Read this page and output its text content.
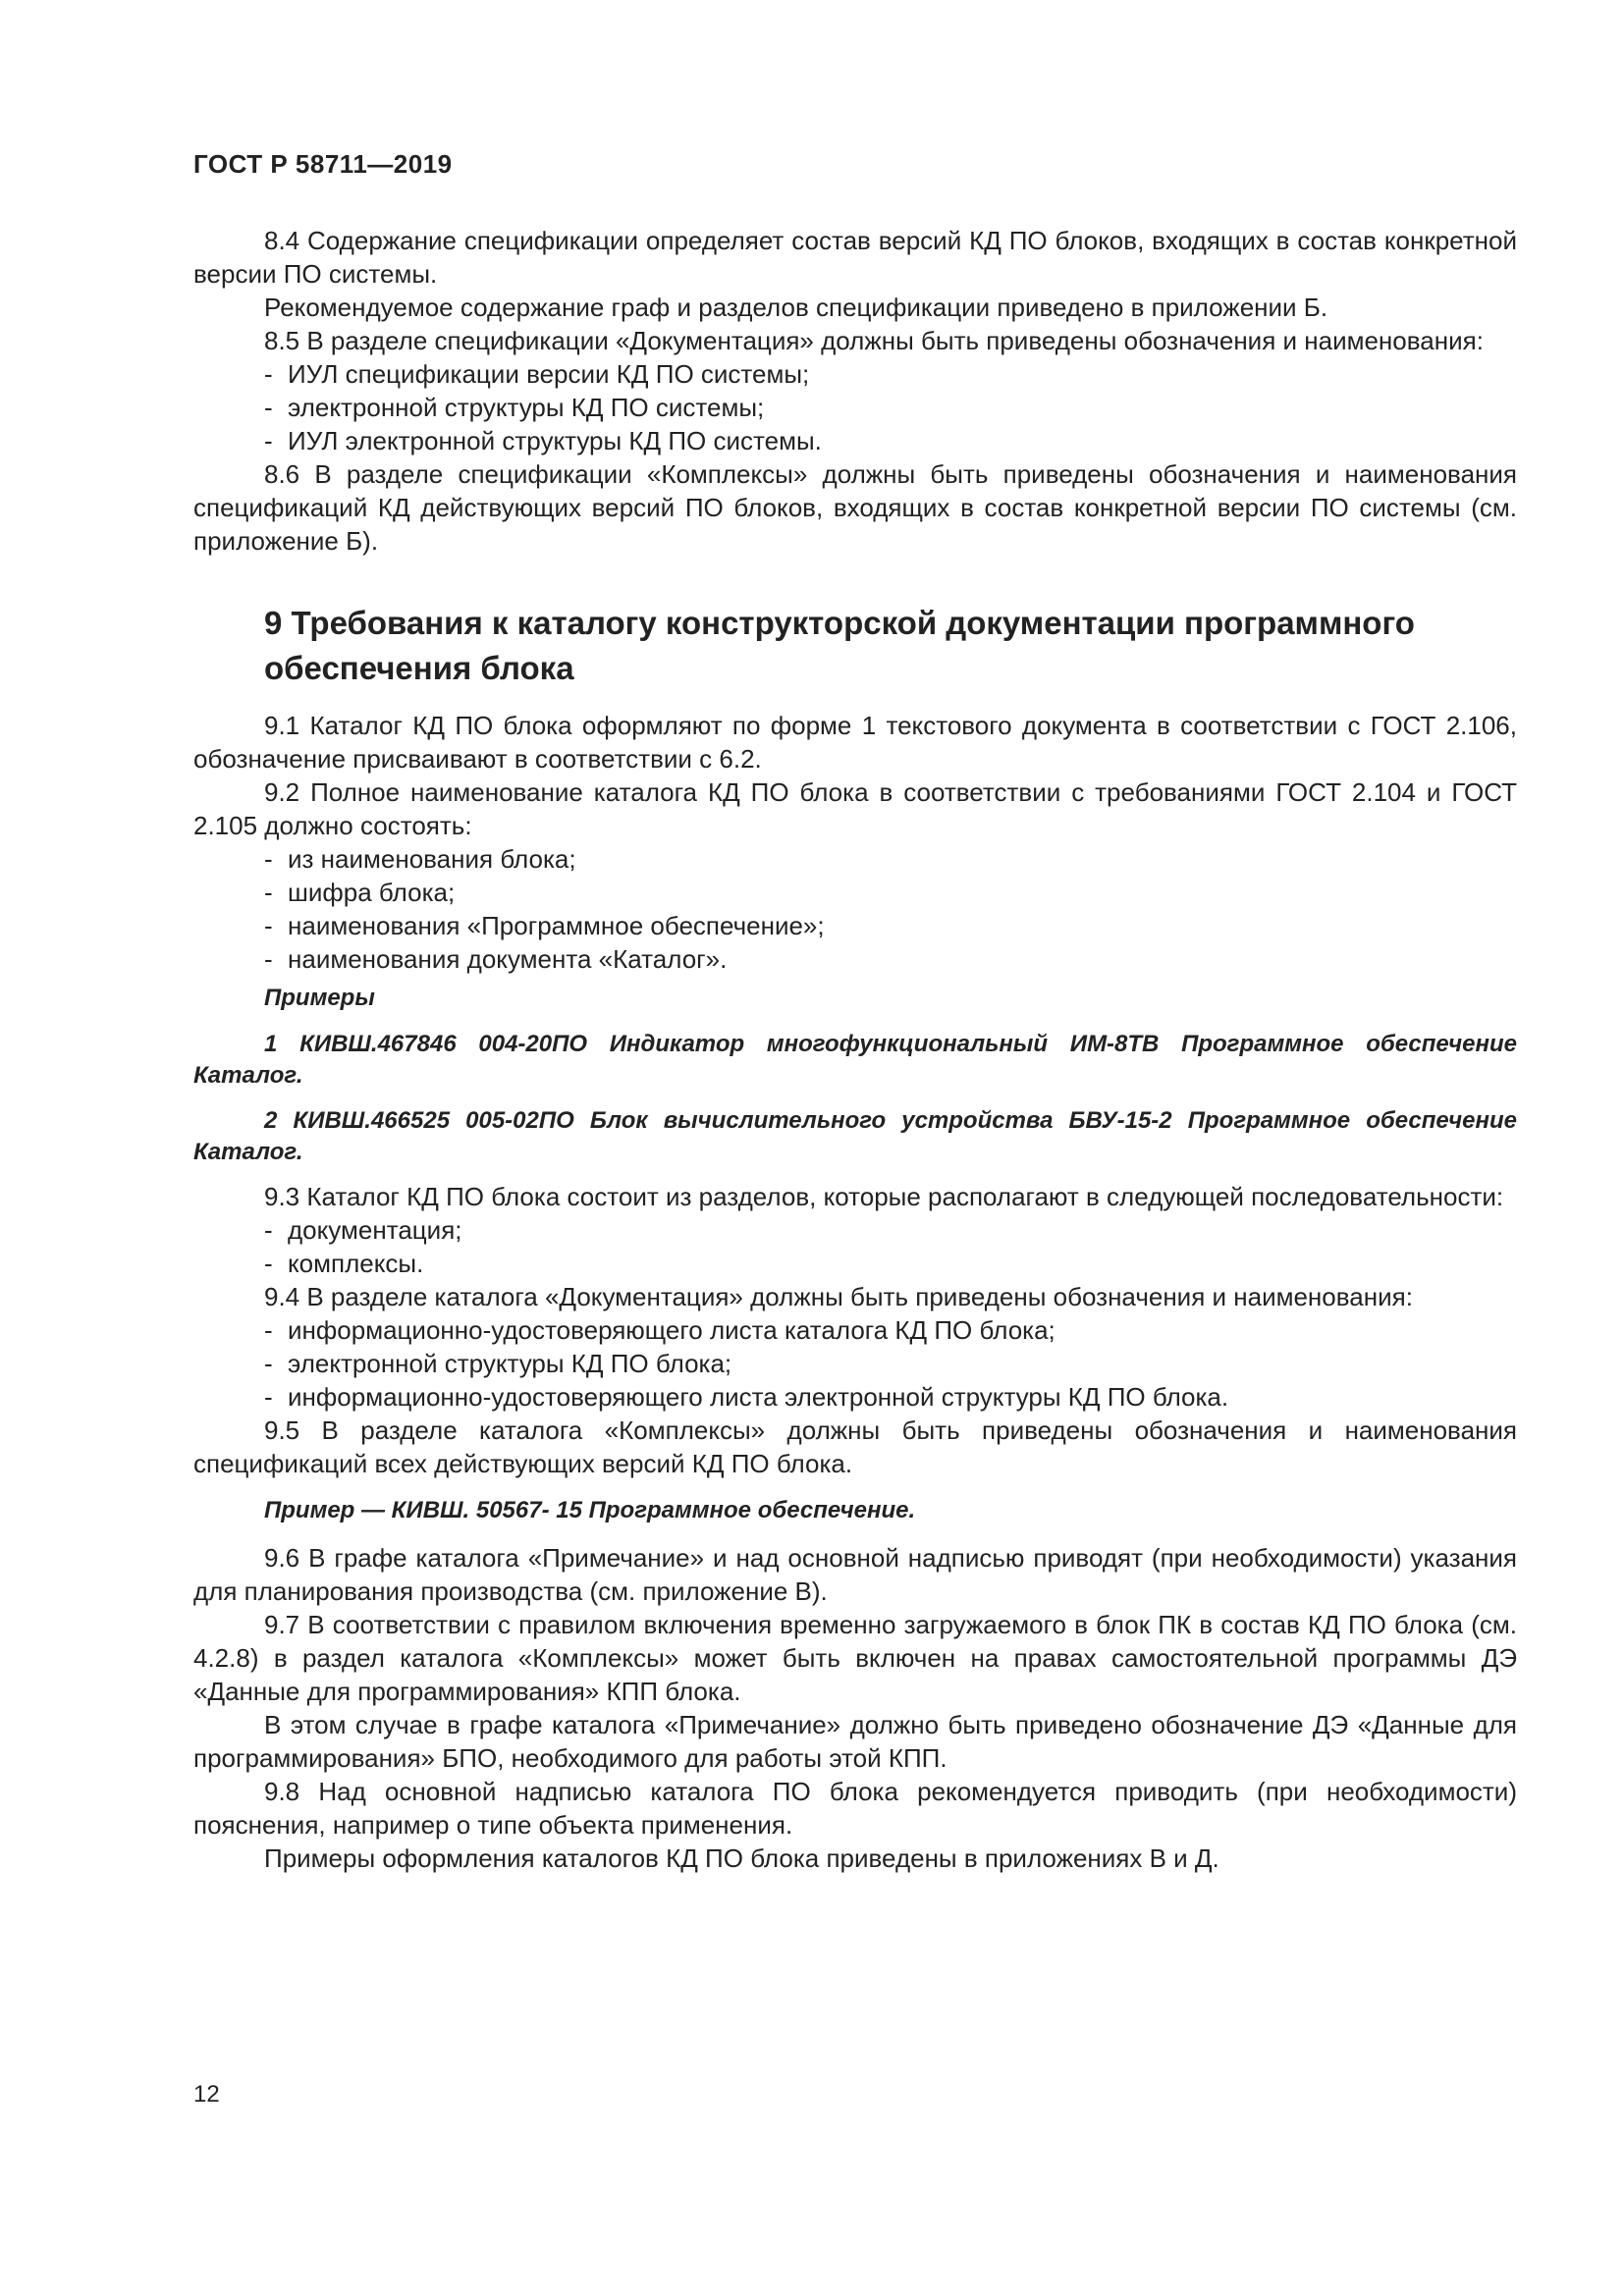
ГОСТ Р 58711—2019

8.4 Содержание спецификации определяет состав версий КД ПО блоков, входящих в состав конкретной версии ПО системы.

Рекомендуемое содержание граф и разделов спецификации приведено в приложении Б.

8.5 В разделе спецификации «Документация» должны быть приведены обозначения и наименования:

- ИУЛ спецификации версии КД ПО системы;

- электронной структуры КД ПО системы;

- ИУЛ электронной структуры КД ПО системы.

8.6 В разделе спецификации «Комплексы» должны быть приведены обозначения и наименования спецификаций КД действующих версий ПО блоков, входящих в состав конкретной версии ПО системы (см. приложение Б).

9 Требования к каталогу конструкторской документации программного обеспечения блока

9.1 Каталог КД ПО блока оформляют по форме 1 текстового документа в соответствии с ГОСТ 2.106, обозначение присваивают в соответствии с 6.2.

9.2 Полное наименование каталога КД ПО блока в соответствии с требованиями ГОСТ 2.104 и ГОСТ 2.105 должно состоять:

- из наименования блока;

- шифра блока;

- наименования «Программное обеспечение»;

- наименования документа «Каталог».

Примеры

1 КИВШ.467846 004-20ПО Индикатор многофункциональный ИМ-8ТВ Программное обеспечение Каталог.

2 КИВШ.466525 005-02ПО Блок вычислительного устройства БВУ-15-2 Программное обеспечение Каталог.

9.3 Каталог КД ПО блока состоит из разделов, которые располагают в следующей последовательности:

- документация;

- комплексы.

9.4 В разделе каталога «Документация» должны быть приведены обозначения и наименования:

- информационно-удостоверяющего листа каталога КД ПО блока;

- электронной структуры КД ПО блока;

- информационно-удостоверяющего листа электронной структуры КД ПО блока.

9.5 В разделе каталога «Комплексы» должны быть приведены обозначения и наименования спецификаций всех действующих версий КД ПО блока.

Пример — КИВШ. 50567- 15 Программное обеспечение.

9.6 В графе каталога «Примечание» и над основной надписью приводят (при необходимости) указания для планирования производства (см. приложение В).

9.7 В соответствии с правилом включения временно загружаемого в блок ПК в состав КД ПО блока (см. 4.2.8) в раздел каталога «Комплексы» может быть включен на правах самостоятельной программы ДЭ «Данные для программирования» КПП блока.

В этом случае в графе каталога «Примечание» должно быть приведено обозначение ДЭ «Данные для программирования» БПО, необходимого для работы этой КПП.

9.8 Над основной надписью каталога ПО блока рекомендуется приводить (при необходимости) пояснения, например о типе объекта применения.

Примеры оформления каталогов КД ПО блока приведены в приложениях В и Д.

12
